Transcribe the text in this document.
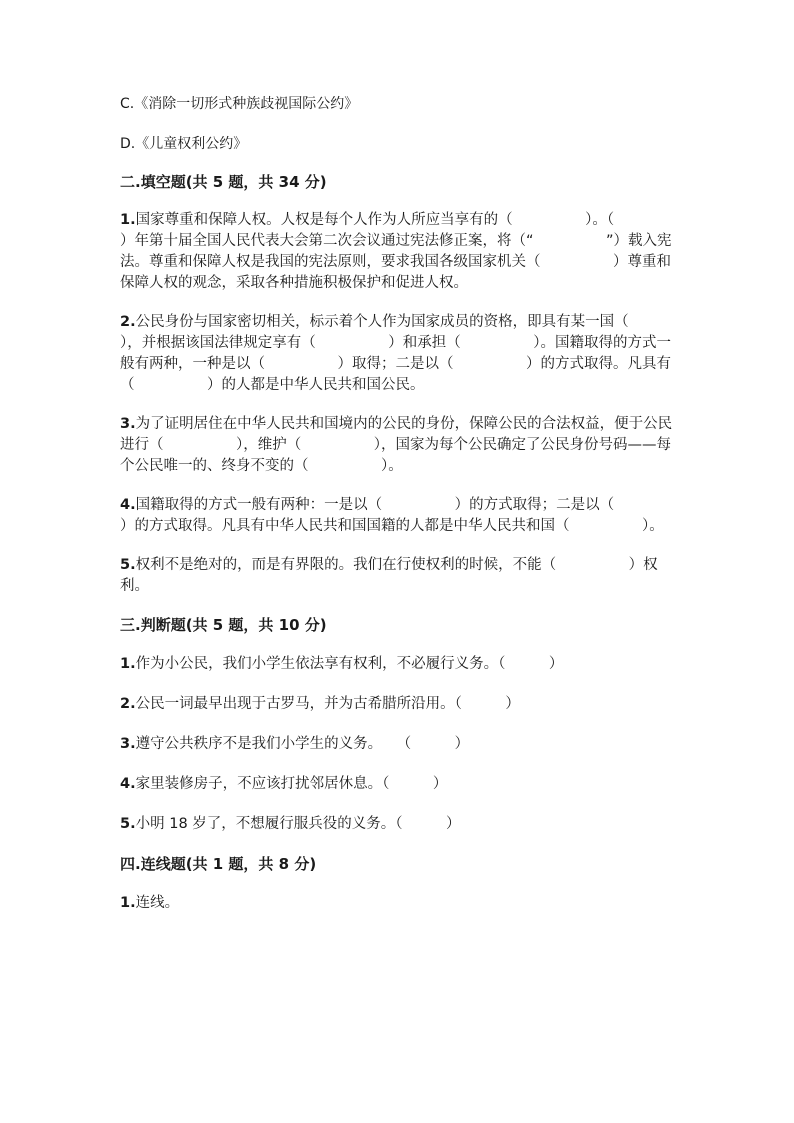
C.《消除一切形式种族歧视国际公约》

D.《儿童权利公约》

二.填空题(共 5 题，共 34 分)

1.国家尊重和保障人权。人权是每个人作为人所应当享有的（　　　　　）。（　　　　　）年第十届全国人民代表大会第二次会议通过宪法修正案，将（“　　　　　”）载入宪法。尊重和保障人权是我国的宪法原则，要求我国各级国家机关（　　　　　）尊重和保障人权的观念，采取各种措施积极保护和促进人权。

2.公民身份与国家密切相关，标示着个人作为国家成员的资格，即具有某一国（　　　　　），并根据该国法律规定享有（　　　　　）和承担（　　　　　）。国籍取得的方式一般有两种，一种是以（　　　　　）取得；二是以（　　　　　）的方式取得。凡具有（　　　　　）的人都是中华人民共和国公民。

3.为了证明居住在中华人民共和国境内的公民的身份，保障公民的合法权益，便于公民进行（　　　　　），维护（　　　　　），国家为每个公民确定了公民身份号码——每个公民唯一的、终身不变的（　　　　　）。

4.国籍取得的方式一般有两种：一是以（　　　　　）的方式取得；二是以（　　　　　）的方式取得。凡具有中华人民共和国国籍的人都是中华人民共和国（　　　　　）。

5.权利不是绝对的，而是有界限的。我们在行使权利的时候，不能（　　　　　）权利。

三.判断题(共 5 题，共 10 分)

1.作为小公民，我们小学生依法享有权利，不必履行义务。（　　　）

2.公民一词最早出现于古罗马，并为古希腊所沿用。（　　　）

3.遵守公共秩序不是我们小学生的义务。　　（　　　）

4.家里装修房子，不应该打扰邻居休息。（　　　）

5.小明 18 岁了，不想履行服兵役的义务。（　　　）

四.连线题(共 1 题，共 8 分)

1.连线。
